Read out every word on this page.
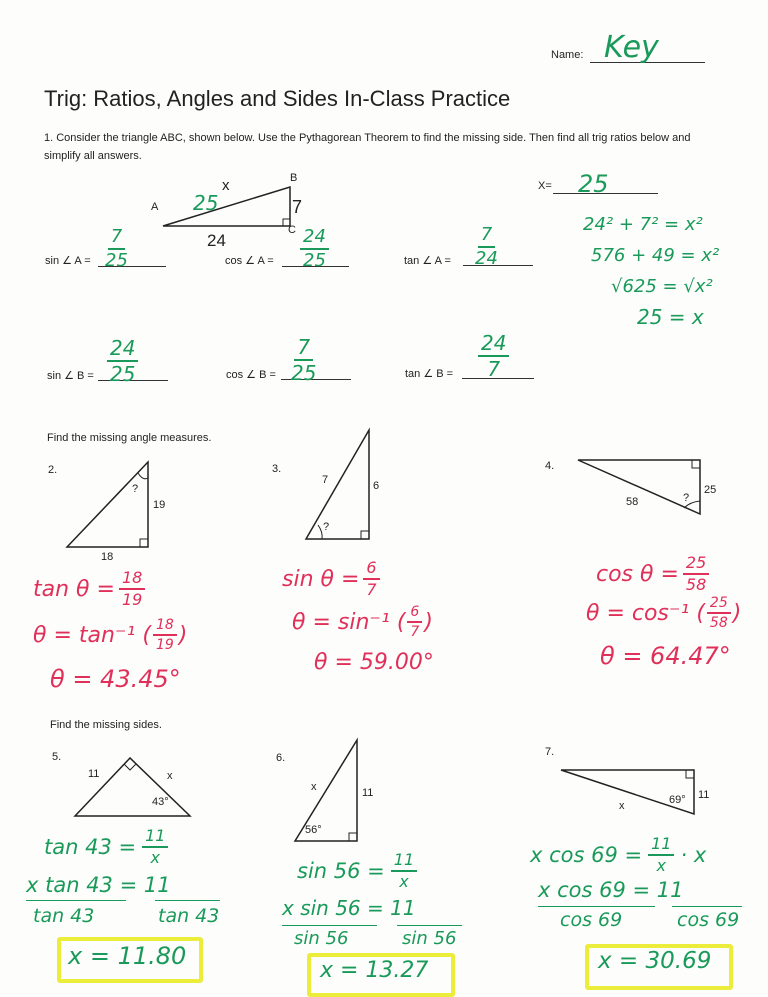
Name: Key
Trig: Ratios, Angles and Sides In-Class Practice
1. Consider the triangle ABC, shown below. Use the Pythagorean Theorem to find the missing side. Then find all trig ratios below and simplify all answers.
A
B
C
x
25	7
24
X= 25
24² + 7² = x²
576 + 49 = x²
√625 = √x²
25 = x
sin ∠ $A = \frac{7}{25}$	cos ∠ $A = \frac{24}{25}$	tan ∠ $A = \frac{7}{24}$
sin ∠ $B = \frac{24}{25}$	cos ∠ $B = \frac{7}{25}$	tan ∠ $B = \frac{24}{7}$
Find the missing angle measures.
2.
?
19
18
$\tan \theta = \frac{18}{19}$
θ = tan⁻¹ ( $\frac{18}{19}$ )
θ = 43.45°
3.
7	6
?
$\sin \theta = \frac{6}{7}$
θ = sin⁻¹ ( $\frac{6}{7}$ )
θ = 59.00°
4.
58
25
?
$\cos \theta = \frac{25}{58}$
θ = cos⁻¹ ( $\frac{25}{58}$ )
θ = 64.47°
Find the missing sides.
5.
11	x
43°
$\tan 43 = \frac{11}{x}$
x tan 43 = 11
tan 43	tan 43
x = 11.80
6.
x	11
56°
$\sin 56 = \frac{11}{x}$
x sin 56 = 11
sin 56	sin 56
x = 13.27
7.
x
11
69°
x $\cos 69 = \frac{11}{x} \cdot x$
x cos 69 = 11
cos 69	cos 69
x = 30.69
